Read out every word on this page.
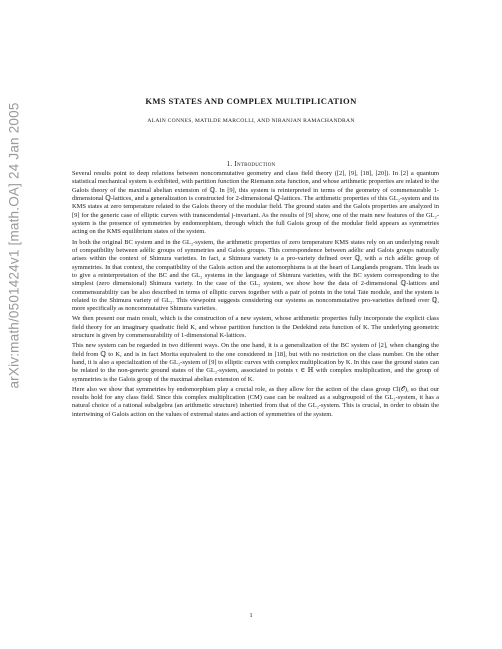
arXiv:math/0501424v1 [math.OA] 24 Jan 2005
KMS STATES AND COMPLEX MULTIPLICATION
ALAIN CONNES, MATILDE MARCOLLI, AND NIRANJAN RAMACHANDRAN
1. Introduction

Several results point to deep relations between noncommutative geometry and class field theory ([2], [9], [18], [20]). In [2] a quantum statistical mechanical system is exhibited, with partition function the Riemann zeta function, and whose arithmetic properties are related to the Galois theory of the maximal abelian extension of ℚ. In [9], this system is reinterpreted in terms of the geometry of commensurable 1-dimensional ℚ-lattices, and a generalization is constructed for 2-dimensional ℚ-lattices. The arithmetic properties of this GL₂-system and its KMS states at zero temperature related to the Galois theory of the modular field. The ground states and the Galois properties are analyzed in [9] for the generic case of elliptic curves with transcendental j-invariant. As the results of [9] show, one of the main new features of the GL₂-system is the presence of symmetries by endomorphism, through which the full Galois group of the modular field appears as symmetries acting on the KMS equilibrium states of the system.

In both the original BC system and in the GL₂-system, the arithmetic properties of zero temperature KMS states rely on an underlying result of compatibility between adèlic groups of symmetries and Galois groups. This correspondence between adèlic and Galois groups naturally arises within the context of Shimura varieties. In fact, a Shimura variety is a pro-variety defined over ℚ, with a rich adèlic group of symmetries. In that context, the compatibility of the Galois action and the automorphisms is at the heart of Langlands program. This leads us to give a reinterpretation of the BC and the GL₂ systems in the language of Shimura varieties, with the BC system corresponding to the simplest (zero dimensional) Shimura variety. In the case of the GL₂ system, we show how the data of 2-dimensional ℚ-lattices and commensurability can be also described in terms of elliptic curves together with a pair of points in the total Tate module, and the system is related to the Shimura variety of GL₂. This viewpoint suggests considering our systems as noncommutative pro-varieties defined over ℚ, more specifically as noncommutative Shimura varieties.

We then present our main result, which is the construction of a new system, whose arithmetic properties fully incorporate the explicit class field theory for an imaginary quadratic field K, and whose partition function is the Dedekind zeta function of K. The underlying geometric structure is given by commensurability of 1-dimensional K-lattices.

This new system can be regarded in two different ways. On the one hand, it is a generalization of the BC system of [2], when changing the field from ℚ to K, and is in fact Morita equivalent to the one considered in [18], but with no restriction on the class number. On the other hand, it is also a specialization of the GL₂-system of [9] to elliptic curves with complex multiplication by K. In this case the ground states can be related to the non-generic ground states of the GL₂-system, associated to points τ ∈ ℍ with complex multiplication, and the group of symmetries is the Galois group of the maximal abelian extension of K.

Here also we show that symmetries by endomorphism play a crucial role, as they allow for the action of the class group Cl(𝒪), so that our results hold for any class field. Since this complex multiplication (CM) case can be realized as a subgroupoid of the GL₂-system, it has a natural choice of a rational subalgebra (an arithmetic structure) inherited from that of the GL₂-system. This is crucial, in order to obtain the intertwining of Galois action on the values of extremal states and action of symmetries of the system.

1
